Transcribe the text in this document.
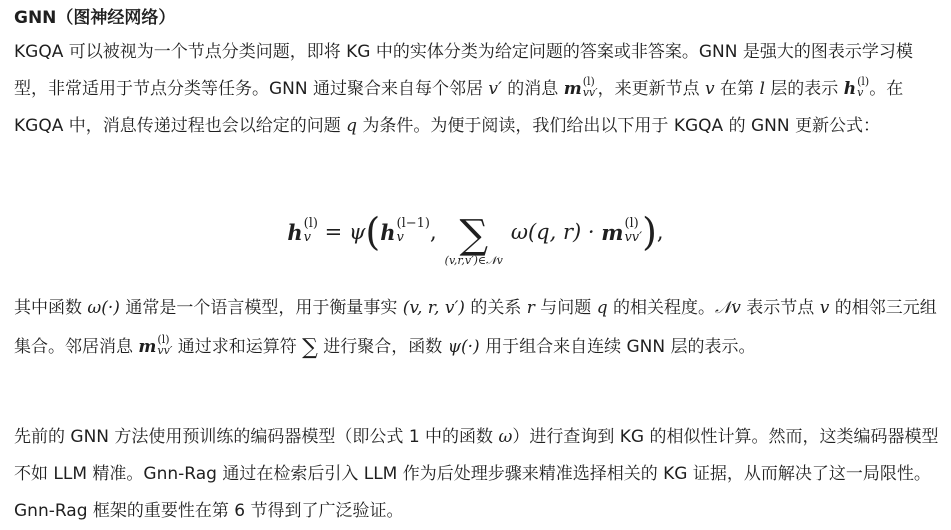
GNN（图神经网络）
KGQA 可以被视为一个节点分类问题，即将 KG 中的实体分类为给定问题的答案或非答案。GNN 是强大的图表示学习模型，非常适用于节点分类等任务。GNN 通过聚合来自每个邻居 v′ 的消息 m (l)
vv′ ，来更新节点 v 在第 l 层的表示 h (l)
v 。在 KGQA 中，消息传递过程也会以给定的问题 q 为条件。为便于阅读，我们给出以下用于 KGQA 的 GNN 更新公式：
h (l)
v = ψ ( h (l−1)
v	, ∑
(v,r,v′)∈𝒩v
ω(q, r) · m (l)
vv′ ) ,
其中函数 ω(·) 通常是一个语言模型，用于衡量事实 (v, r, v′) 的关系 r 与问题 q 的相关程度。𝒩v 表示节点 v 的相邻三元组集合。邻居消息 m (l)
vv′ 通过求和运算符 ∑ 进行聚合，函数 ψ(·) 用于组合来自连续 GNN 层的表示。
先前的 GNN 方法使用预训练的编码器模型（即公式 1 中的函数 ω）进行查询到 KG 的相似性计算。然而，这类编码器模型不如 LLM 精准。Gnn-Rag 通过在检索后引入 LLM 作为后处理步骤来精准选择相关的 KG 证据，从而解决了这一局限性。Gnn-Rag 框架的重要性在第 6 节得到了广泛验证。
